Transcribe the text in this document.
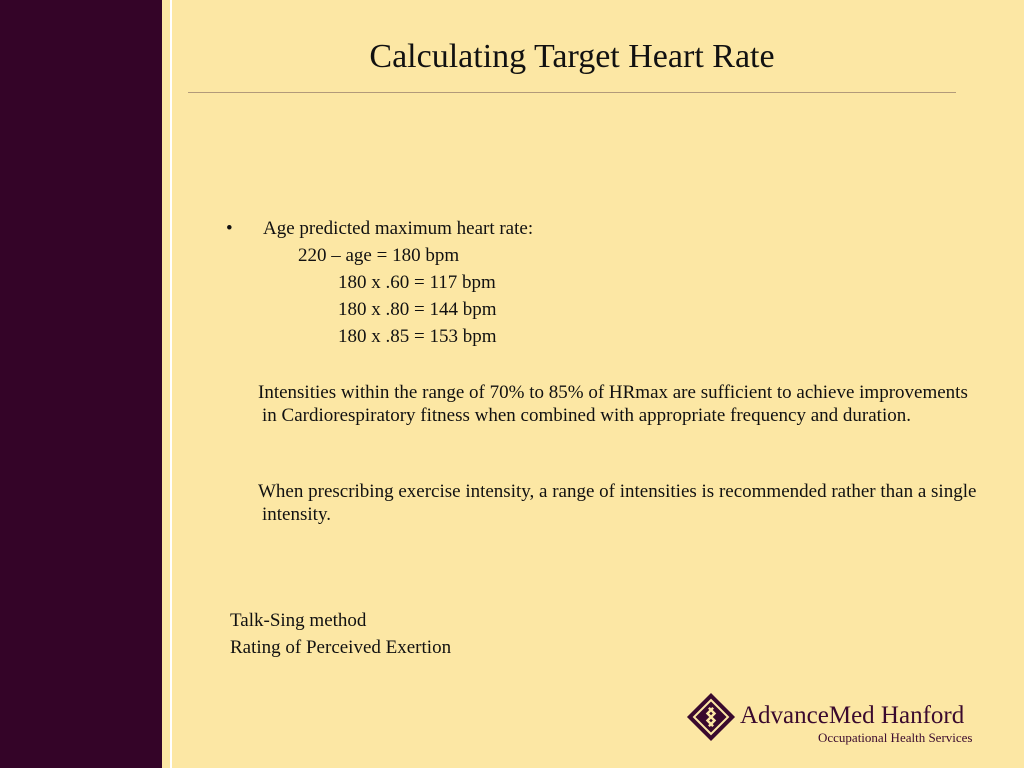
Calculating Target Heart Rate
• Age predicted maximum heart rate:
220 – age = 180 bpm
180 x .60 = 117 bpm
180 x .80 = 144 bpm
180 x .85 = 153 bpm
Intensities within the range of 70% to 85% of HRmax are sufficient to achieve improvements in Cardiorespiratory fitness when combined with appropriate frequency and duration.
When prescribing exercise intensity, a range of intensities is recommended rather than a single intensity.
Talk-Sing method
Rating of Perceived Exertion
AdvanceMed Hanford
Occupational Health Services
